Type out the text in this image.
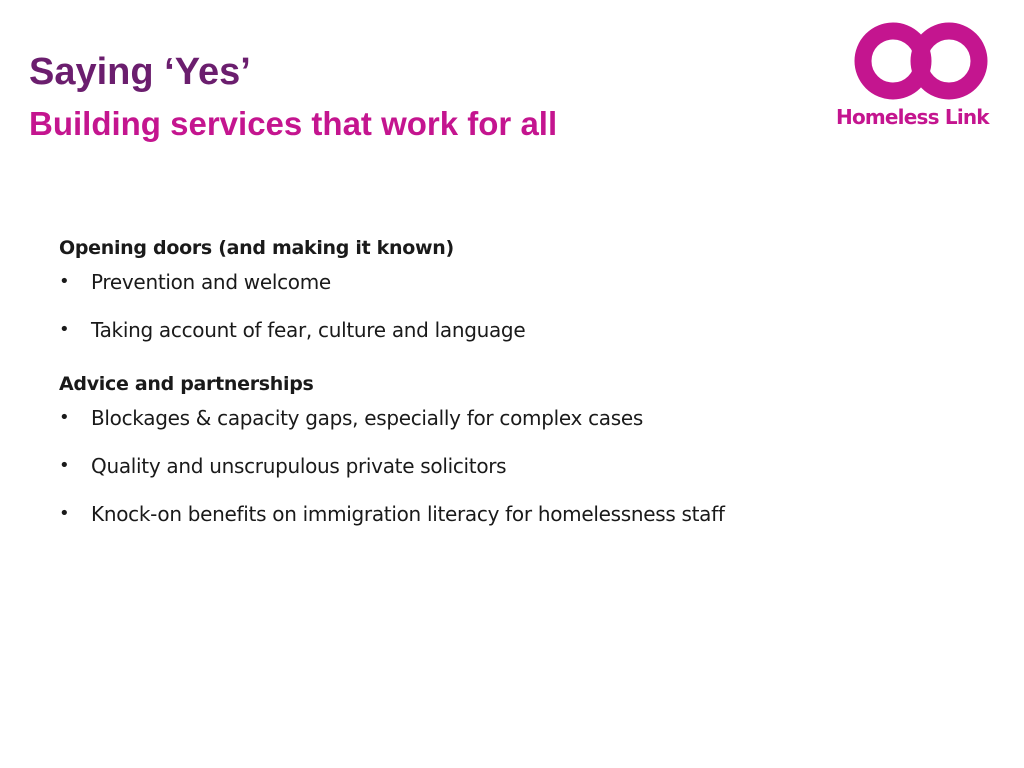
Saying ‘Yes’
Building services that work for all	Homeless Link
Opening doors (and making it known)
• Prevention and welcome
• Taking account of fear, culture and language
Advice and partnerships
• Blockages & capacity gaps, especially for complex cases
• Quality and unscrupulous private solicitors
• Knock-on benefits on immigration literacy for homelessness staff
